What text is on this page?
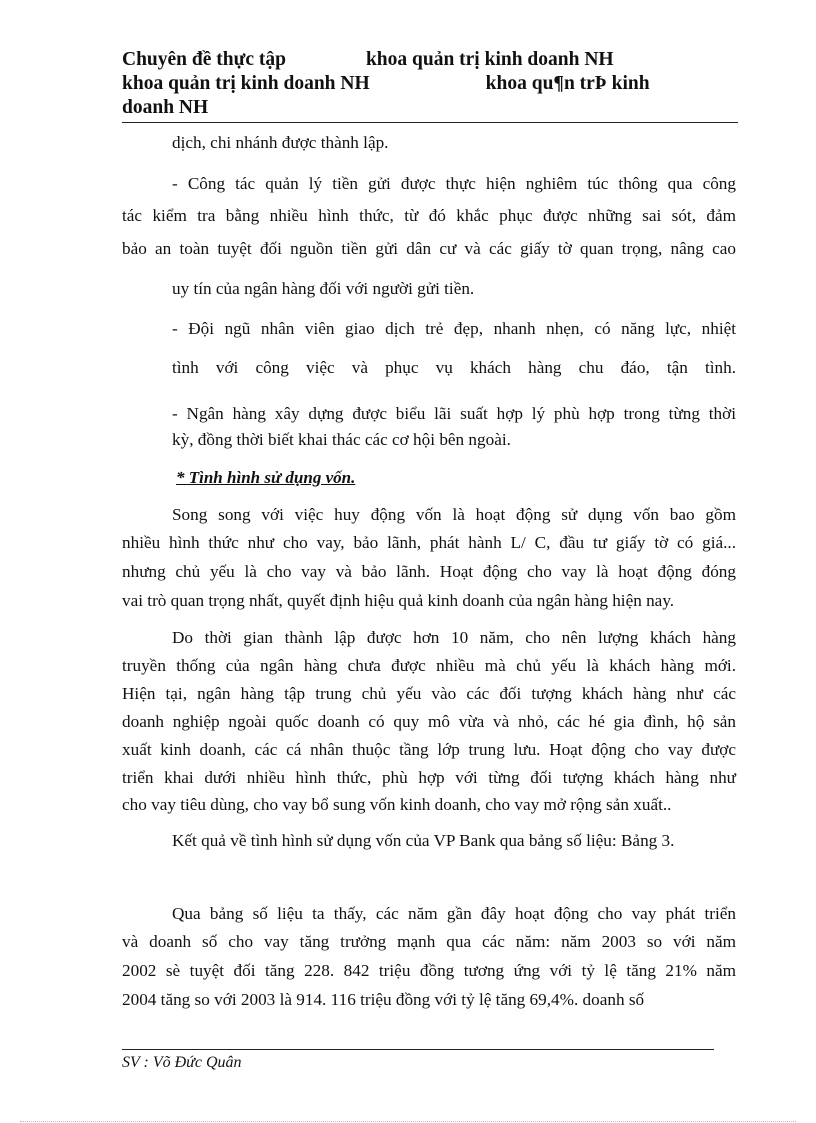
Chuyên đề thực tập	khoa quản trị kinh doanh NH
khoa quản trị kinh doanh NH	khoa qu¶n trÞ kinh
doanh NH

dịch, chi nhánh được thành lập.

- Công tác quản lý tiền gửi được thực hiện nghiêm túc thông qua công

tác kiểm tra bằng nhiều hình thức, từ đó khắc phục được những sai sót, đảm

bảo an toàn tuyệt đối nguồn tiền gửi dân cư và các giấy tờ quan trọng, nâng cao

uy tín của ngân hàng đối với người gửi tiền.

- Đội ngũ nhân viên giao dịch trẻ đẹp, nhanh nhẹn, có năng lực, nhiệt

tình với công việc và phục vụ khách hàng chu đáo, tận tình.

- Ngân hàng xây dựng được biểu lãi suất hợp lý phù hợp trong từng thời

kỳ, đồng thời biết khai thác các cơ hội bên ngoài.

* Tình hình sử dụng vốn.

Song song với việc huy động vốn là hoạt động sử dụng vốn bao gồm

nhiều hình thức như cho vay, bảo lãnh, phát hành L/ C, đầu tư giấy tờ có giá...

nhưng chủ yếu là cho vay và bảo lãnh. Hoạt động cho vay là hoạt động đóng

vai trò quan trọng nhất, quyết định hiệu quả kinh doanh của ngân hàng hiện nay.

Do thời gian thành lập được hơn 10 năm, cho nên lượng khách hàng

truyền thống của ngân hàng chưa được nhiều mà chủ yếu là khách hàng mới.

Hiện tại, ngân hàng tập trung chủ yếu vào các đối tượng khách hàng như các

doanh nghiệp ngoài quốc doanh có quy mô vừa và nhỏ, các hé gia đình, hộ sản

xuất kinh doanh, các cá nhân thuộc tầng lớp trung lưu. Hoạt động cho vay được

triển khai dưới nhiều hình thức, phù hợp với từng đối tượng khách hàng như

cho vay tiêu dùng, cho vay bổ sung vốn kinh doanh, cho vay mở rộng sản xuất..

Kết quả về tình hình sử dụng vốn của VP Bank qua bảng số liệu: Bảng 3.

Qua bảng số liệu ta thấy, các năm gần đây hoạt động cho vay phát triển

và doanh số cho vay tăng trưởng mạnh qua các năm: năm 2003 so với năm

2002 sè tuyệt đối tăng 228. 842 triệu đồng tương ứng với tỷ lệ tăng 21% năm

2004 tăng so với 2003 là 914. 116 triệu đồng với tỷ lệ tăng 69,4%. doanh số

SV : Võ Đức Quân
